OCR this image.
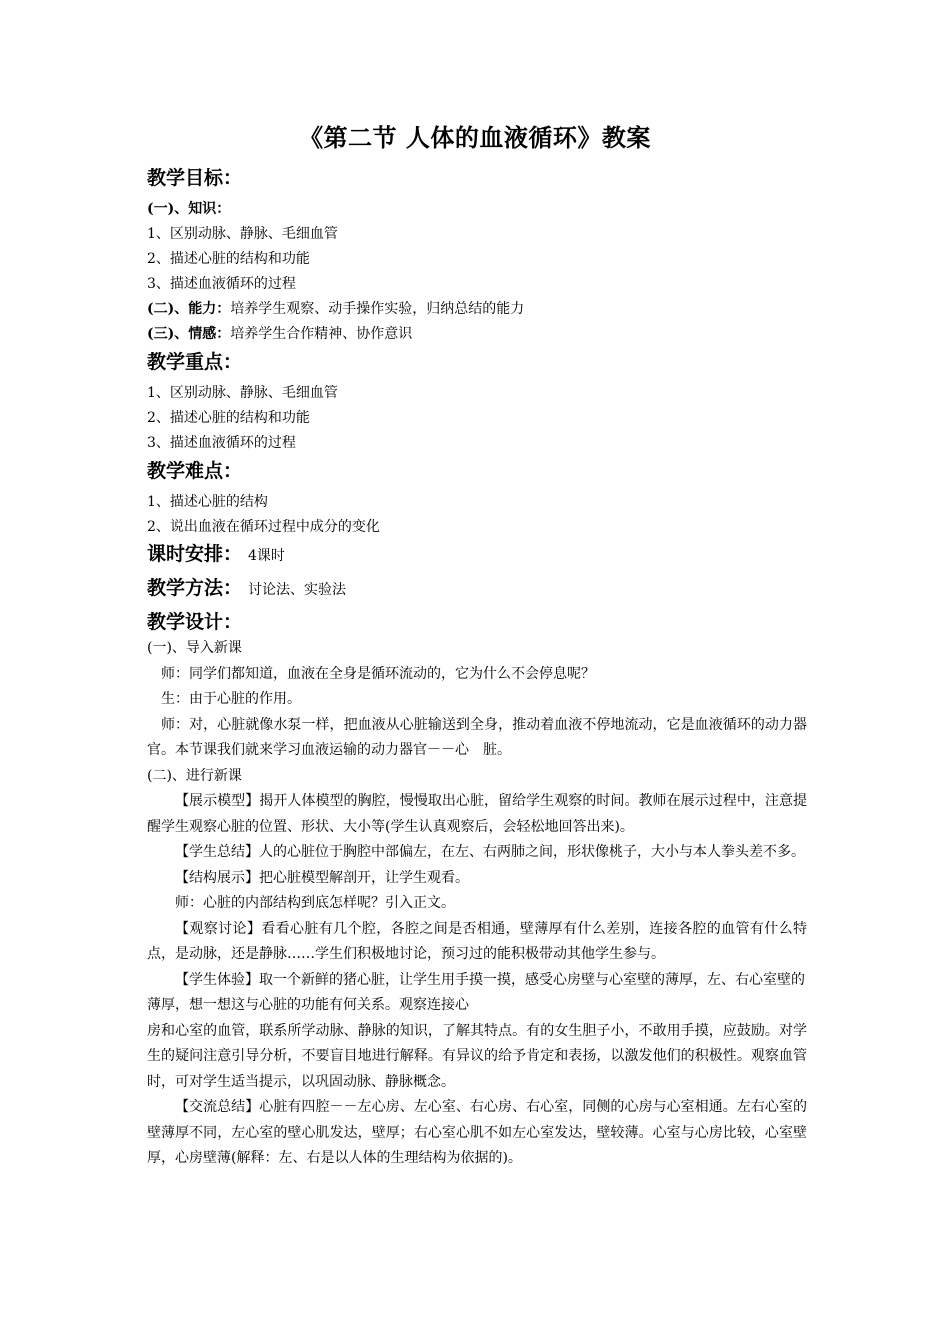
《第二节 人体的血液循环》教案
教学目标：
(一)、知识：
1、区别动脉、静脉、毛细血管
2、描述心脏的结构和功能
3、描述血液循环的过程
(二)、能力：培养学生观察、动手操作实验，归纳总结的能力
(三)、情感：培养学生合作精神、协作意识
教学重点：
1、区别动脉、静脉、毛细血管
2、描述心脏的结构和功能
3、描述血液循环的过程
教学难点：
1、描述心脏的结构
2、说出血液在循环过程中成分的变化
课时安排： 4课时
教学方法： 讨论法、实验法
教学设计：

(一)、导入新课

师：同学们都知道，血液在全身是循环流动的，它为什么不会停息呢？

生：由于心脏的作用。

师：对，心脏就像水泵一样，把血液从心脏输送到全身，推动着血液不停地流动，它是血液循环的动力器官。本节课我们就来学习血液运输的动力器官－－心　脏。

(二)、进行新课

【展示模型】揭开人体模型的胸腔，慢慢取出心脏，留给学生观察的时间。教师在展示过程中，注意提醒学生观察心脏的位置、形状、大小等(学生认真观察后，会轻松地回答出来)。

【学生总结】人的心脏位于胸腔中部偏左，在左、右两肺之间，形状像桃子，大小与本人拳头差不多。

【结构展示】把心脏模型解剖开，让学生观看。

师：心脏的内部结构到底怎样呢？引入正文。

【观察讨论】看看心脏有几个腔，各腔之间是否相通，壁薄厚有什么差别，连接各腔的血管有什么特点，是动脉，还是静脉……学生们积极地讨论，预习过的能积极带动其他学生参与。

【学生体验】取一个新鲜的猪心脏，让学生用手摸一摸，感受心房壁与心室壁的薄厚，左、右心室壁的薄厚，想一想这与心脏的功能有何关系。观察连接心

房和心室的血管，联系所学动脉、静脉的知识，了解其特点。有的女生胆子小，不敢用手摸，应鼓励。对学生的疑问注意引导分析，不要盲目地进行解释。有异议的给予肯定和表扬，以激发他们的积极性。观察血管时，可对学生适当提示，以巩固动脉、静脉概念。

【交流总结】心脏有四腔－－左心房、左心室、右心房、右心室，同侧的心房与心室相通。左右心室的壁薄厚不同，左心室的壁心肌发达，壁厚；右心室心肌不如左心室发达，壁较薄。心室与心房比较，心室壁厚，心房壁薄(解释：左、右是以人体的生理结构为依据的)。
